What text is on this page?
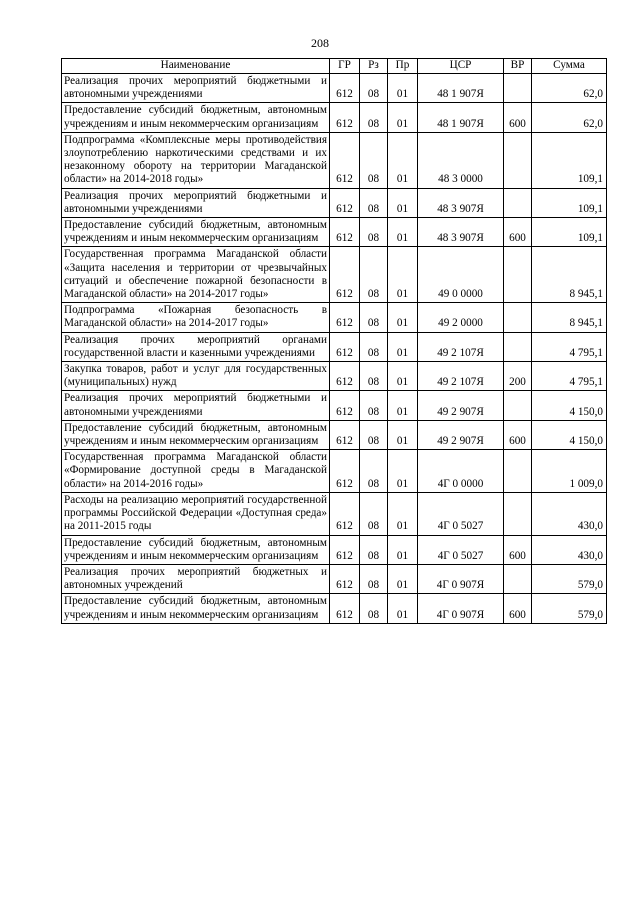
208
Наименование	ГР	Рз	Пр	ЦСР	ВР	Сумма
Реализация прочих мероприятий бюджетными и автономными учреждениями	612	08	01	48 1 907Я		62,0
Предоставление субсидий бюджетным, автономным учреждениям и иным некоммерческим организациям	612	08	01	48 1 907Я	600	62,0
Подпрограмма «Комплексные меры противодействия злоупотреблению наркотическими средствами и их незаконному обороту на территории Магаданской области» на 2014-2018 годы»	612	08	01	48 3 0000		109,1
Реализация прочих мероприятий бюджетными и автономными учреждениями	612	08	01	48 3 907Я		109,1
Предоставление субсидий бюджетным, автономным учреждениям и иным некоммерческим организациям	612	08	01	48 3 907Я	600	109,1
Государственная программа Магаданской области «Защита населения и территории от чрезвычайных ситуаций и обеспечение пожарной безопасности в Магаданской области» на 2014-2017 годы»	612	08	01	49 0 0000		8 945,1
Подпрограмма «Пожарная безопасность в Магаданской области» на 2014-2017 годы»	612	08	01	49 2 0000		8 945,1
Реализация прочих мероприятий органами государственной власти и казенными учреждениями	612	08	01	49 2 107Я		4 795,1
Закупка товаров, работ и услуг для государственных (муниципальных) нужд	612	08	01	49 2 107Я	200	4 795,1
Реализация прочих мероприятий бюджетными и автономными учреждениями	612	08	01	49 2 907Я		4 150,0
Предоставление субсидий бюджетным, автономным учреждениям и иным некоммерческим организациям	612	08	01	49 2 907Я	600	4 150,0
Государственная программа Магаданской области «Формирование доступной среды в Магаданской области» на 2014-2016 годы»	612	08	01	4Г 0 0000		1 009,0
Расходы на реализацию мероприятий государственной программы Российской Федерации «Доступная среда» на 2011-2015 годы	612	08	01	4Г 0 5027		430,0
Предоставление субсидий бюджетным, автономным учреждениям и иным некоммерческим организациям	612	08	01	4Г 0 5027	600	430,0
Реализация прочих мероприятий бюджетных и автономных учреждений	612	08	01	4Г 0 907Я		579,0
Предоставление субсидий бюджетным, автономным учреждениям и иным некоммерческим организациям	612	08	01	4Г 0 907Я	600	579,0
